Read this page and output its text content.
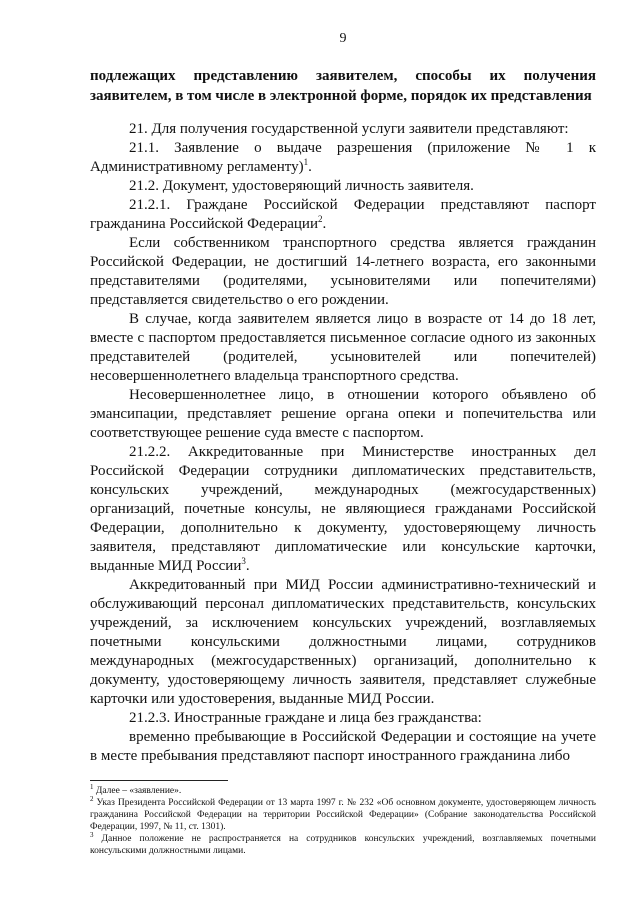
9

подлежащих представлению заявителем, способы их получения заявителем, в том числе в электронной форме, порядок их представления

21. Для получения государственной услуги заявители представляют:

21.1. Заявление о выдаче разрешения (приложение № 1 к Административному регламенту)$^1$.

21.2. Документ, удостоверяющий личность заявителя.

21.2.1. Граждане Российской Федерации представляют паспорт гражданина Российской Федерации$^2$.

Если собственником транспортного средства является гражданин Российской Федерации, не достигший 14-летнего возраста, его законными представителями (родителями, усыновителями или попечителями) представляется свидетельство о его рождении.

В случае, когда заявителем является лицо в возрасте от 14 до 18 лет, вместе с паспортом предоставляется письменное согласие одного из законных представителей (родителей, усыновителей или попечителей) несовершеннолетнего владельца транспортного средства.

Несовершеннолетнее лицо, в отношении которого объявлено об эмансипации, представляет решение органа опеки и попечительства или соответствующее решение суда вместе с паспортом.

21.2.2. Аккредитованные при Министерстве иностранных дел Российской Федерации сотрудники дипломатических представительств, консульских учреждений, международных (межгосударственных) организаций, почетные консулы, не являющиеся гражданами Российской Федерации, дополнительно к документу, удостоверяющему личность заявителя, представляют дипломатические или консульские карточки, выданные МИД России$^3$.

Аккредитованный при МИД России административно-технический и обслуживающий персонал дипломатических представительств, консульских учреждений, за исключением консульских учреждений, возглавляемых почетными консульскими должностными лицами, сотрудников международных (межгосударственных) организаций, дополнительно к документу, удостоверяющему личность заявителя, представляет служебные карточки или удостоверения, выданные МИД России.

21.2.3. Иностранные граждане и лица без гражданства:

временно пребывающие в Российской Федерации и состоящие на учете в месте пребывания представляют паспорт иностранного гражданина либо

$^1$ Далее – «заявление».

$^2$ Указ Президента Российской Федерации от 13 марта 1997 г. № 232 «Об основном документе, удостоверяющем личность гражданина Российской Федерации на территории Российской Федерации» (Собрание законодательства Российской Федерации, 1997, № 11, ст. 1301).

$^3$ Данное положение не распространяется на сотрудников консульских учреждений, возглавляемых почетными консульскими должностными лицами.
